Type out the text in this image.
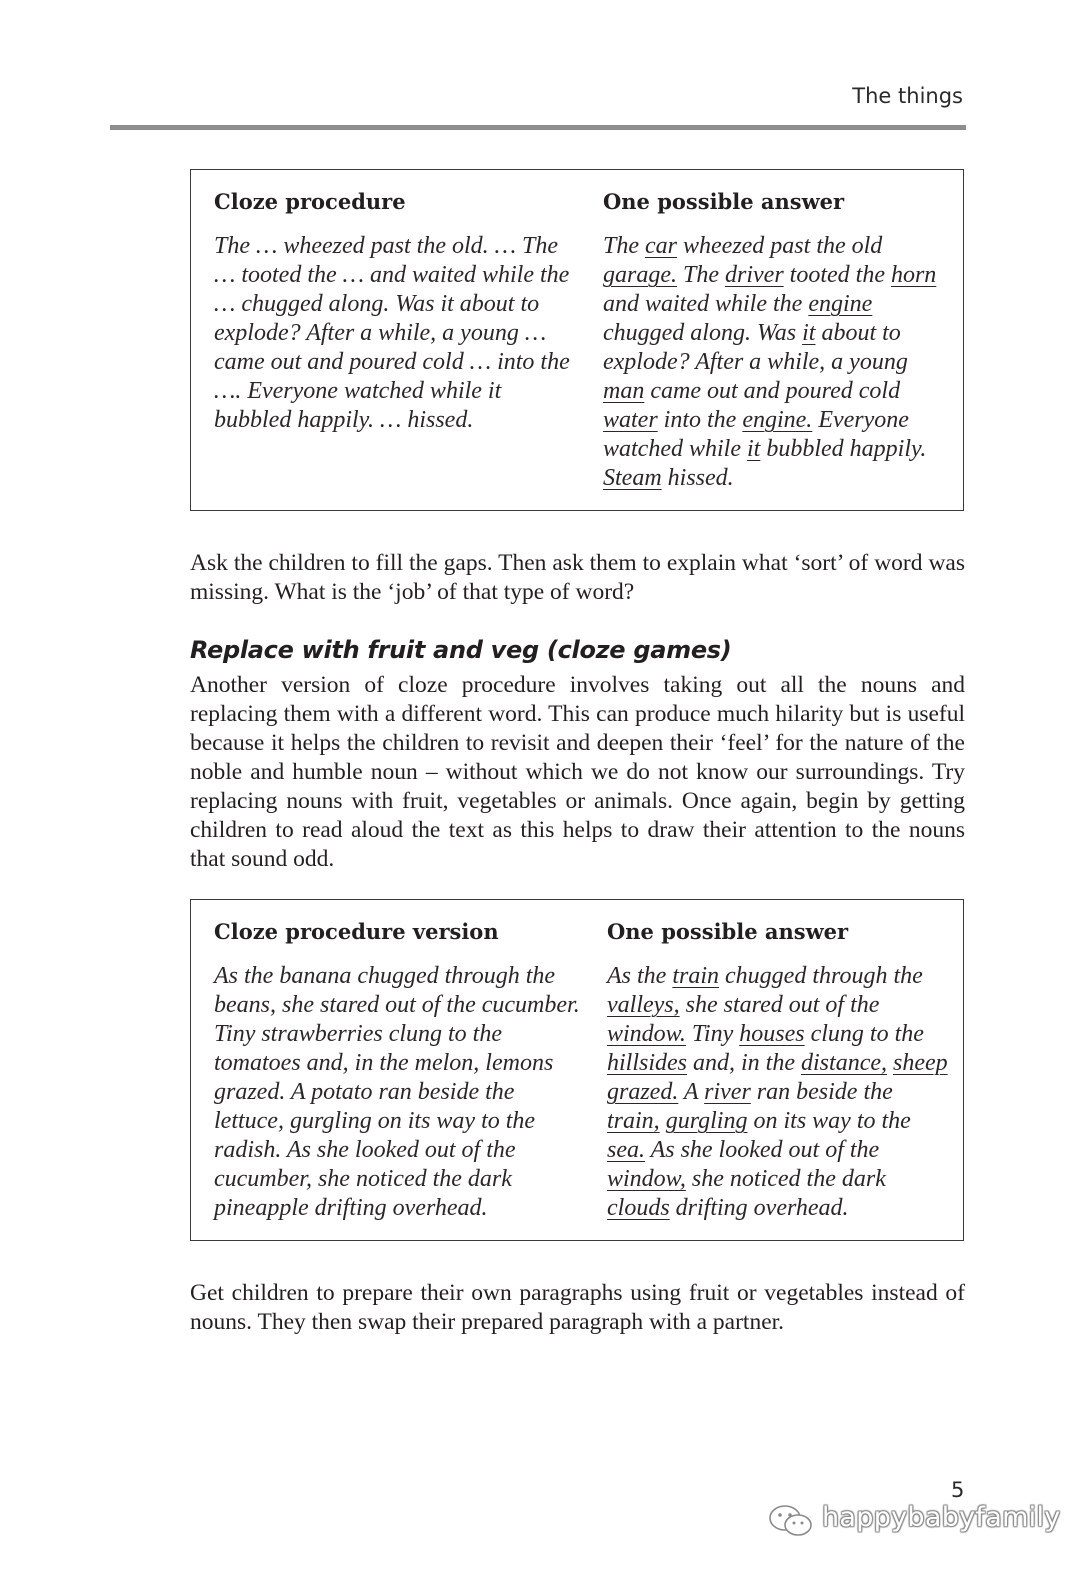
The things
Cloze procedure

The … wheezed past the old. … The
… tooted the … and waited while the
… chugged along. Was it about to
explode? After a while, a young …
came out and poured cold … into the
…. Everyone watched while it
bubbled happily. … hissed.

One possible answer

The car wheezed past the old
garage. The driver tooted the horn
and waited while the engine
chugged along. Was it about to
explode? After a while, a young
man came out and poured cold
water into the engine. Everyone
watched while it bubbled happily.
Steam hissed.

Ask the children to fill the gaps. Then ask them to explain what ‘sort’ of word was missing. What is the ‘job’ of that type of word?

Replace with fruit and veg (cloze games)

Another version of cloze procedure involves taking out all the nouns and replacing them with a different word. This can produce much hilarity but is useful because it helps the children to revisit and deepen their ‘feel’ for the nature of the noble and humble noun – without which we do not know our surroundings. Try replacing nouns with fruit, vegetables or animals. Once again, begin by getting children to read aloud the text as this helps to draw their attention to the nouns that sound odd.

Cloze procedure version

As the banana chugged through the
beans, she stared out of the cucumber.
Tiny strawberries clung to the
tomatoes and, in the melon, lemons
grazed. A potato ran beside the
lettuce, gurgling on its way to the
radish. As she looked out of the
cucumber, she noticed the dark
pineapple drifting overhead.

One possible answer

As the train chugged through the
valleys, she stared out of the
window. Tiny houses clung to the
hillsides and, in the distance, sheep
grazed. A river ran beside the
train, gurgling on its way to the
sea. As she looked out of the
window, she noticed the dark
clouds drifting overhead.

Get children to prepare their own paragraphs using fruit or vegetables instead of nouns. They then swap their prepared paragraph with a partner.

5
happybabyfamily
